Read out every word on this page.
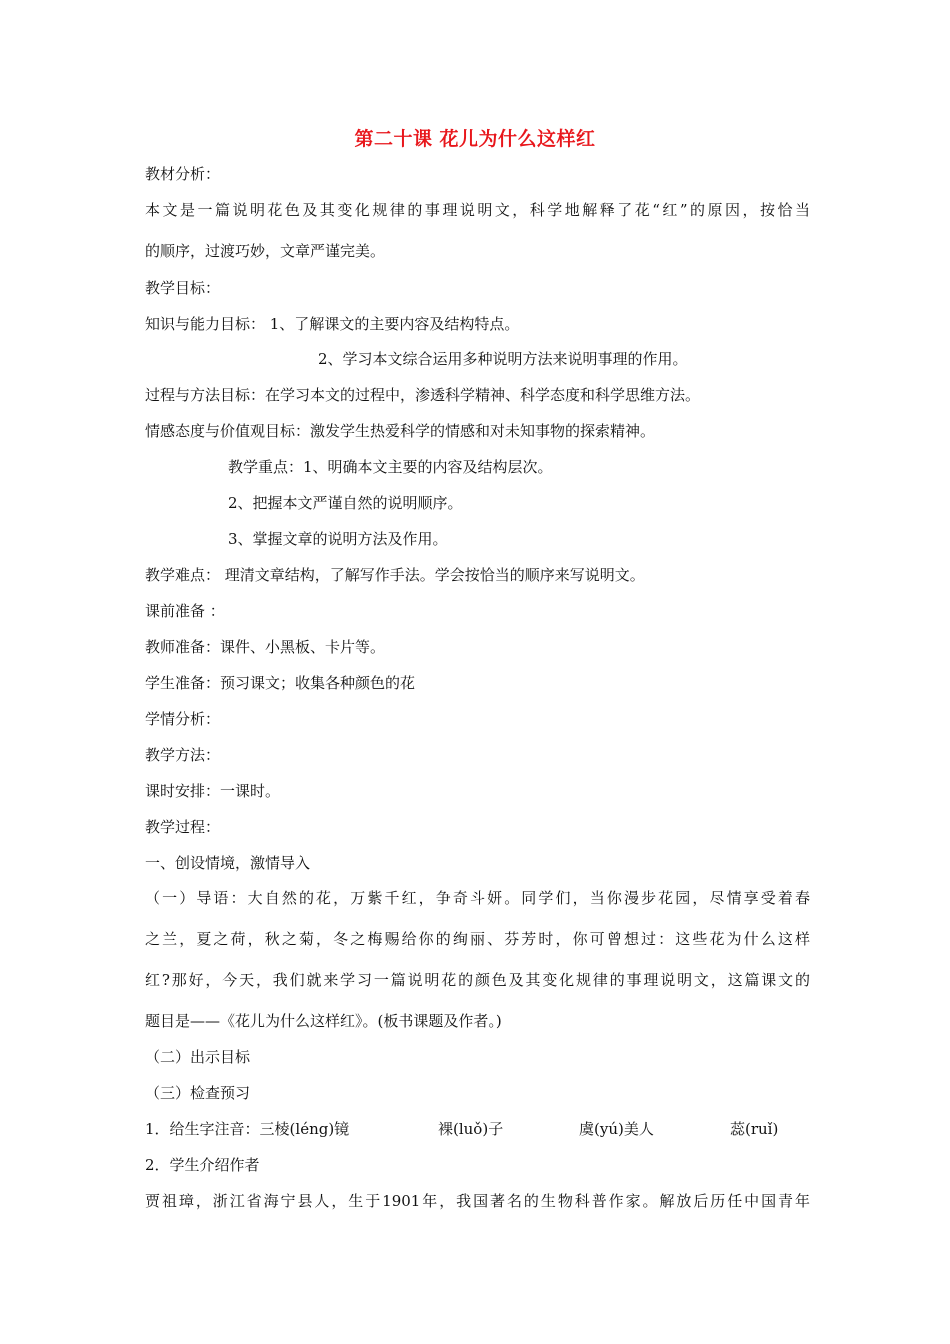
第二十课 花儿为什么这样红
教材分析：
本文是一篇说明花色及其变化规律的事理说明文，科学地解释了花“红”的原因，按恰当
的顺序，过渡巧妙，文章严谨完美。
教学目标：
知识与能力目标： 1、了解课文的主要内容及结构特点。
2、学习本文综合运用多种说明方法来说明事理的作用。
过程与方法目标：在学习本文的过程中，渗透科学精神、科学态度和科学思维方法。
情感态度与价值观目标：激发学生热爱科学的情感和对未知事物的探索精神。
教学重点：1、明确本文主要的内容及结构层次。
2、把握本文严谨自然的说明顺序。
3、掌握文章的说明方法及作用。
教学难点： 理清文章结构，了解写作手法。学会按恰当的顺序来写说明文。
课前准备 ：
教师准备：课件、小黑板、卡片等。
学生准备：预习课文；收集各种颜色的花
学情分析：
教学方法：
课时安排：一课时。
教学过程：
一、创设情境，激情导入
（一）导语：大自然的花，万紫千红，争奇斗妍。同学们，当你漫步花园，尽情享受着春
之兰，夏之荷，秋之菊，冬之梅赐给你的绚丽、芬芳时，你可曾想过：这些花为什么这样
红?那好，今天，我们就来学习一篇说明花的颜色及其变化规律的事理说明文，这篇课文的
题目是——《花儿为什么这样红》。(板书课题及作者。)
（二）出示目标
（三）检查预习
1．给生字注音：三棱(léng)镜	裸(luǒ)子	虞(yú)美人	蕊(ruǐ)
2．学生介绍作者
贾祖璋，浙江省海宁县人，生于1901年，我国著名的生物科普作家。解放后历任中国青年
